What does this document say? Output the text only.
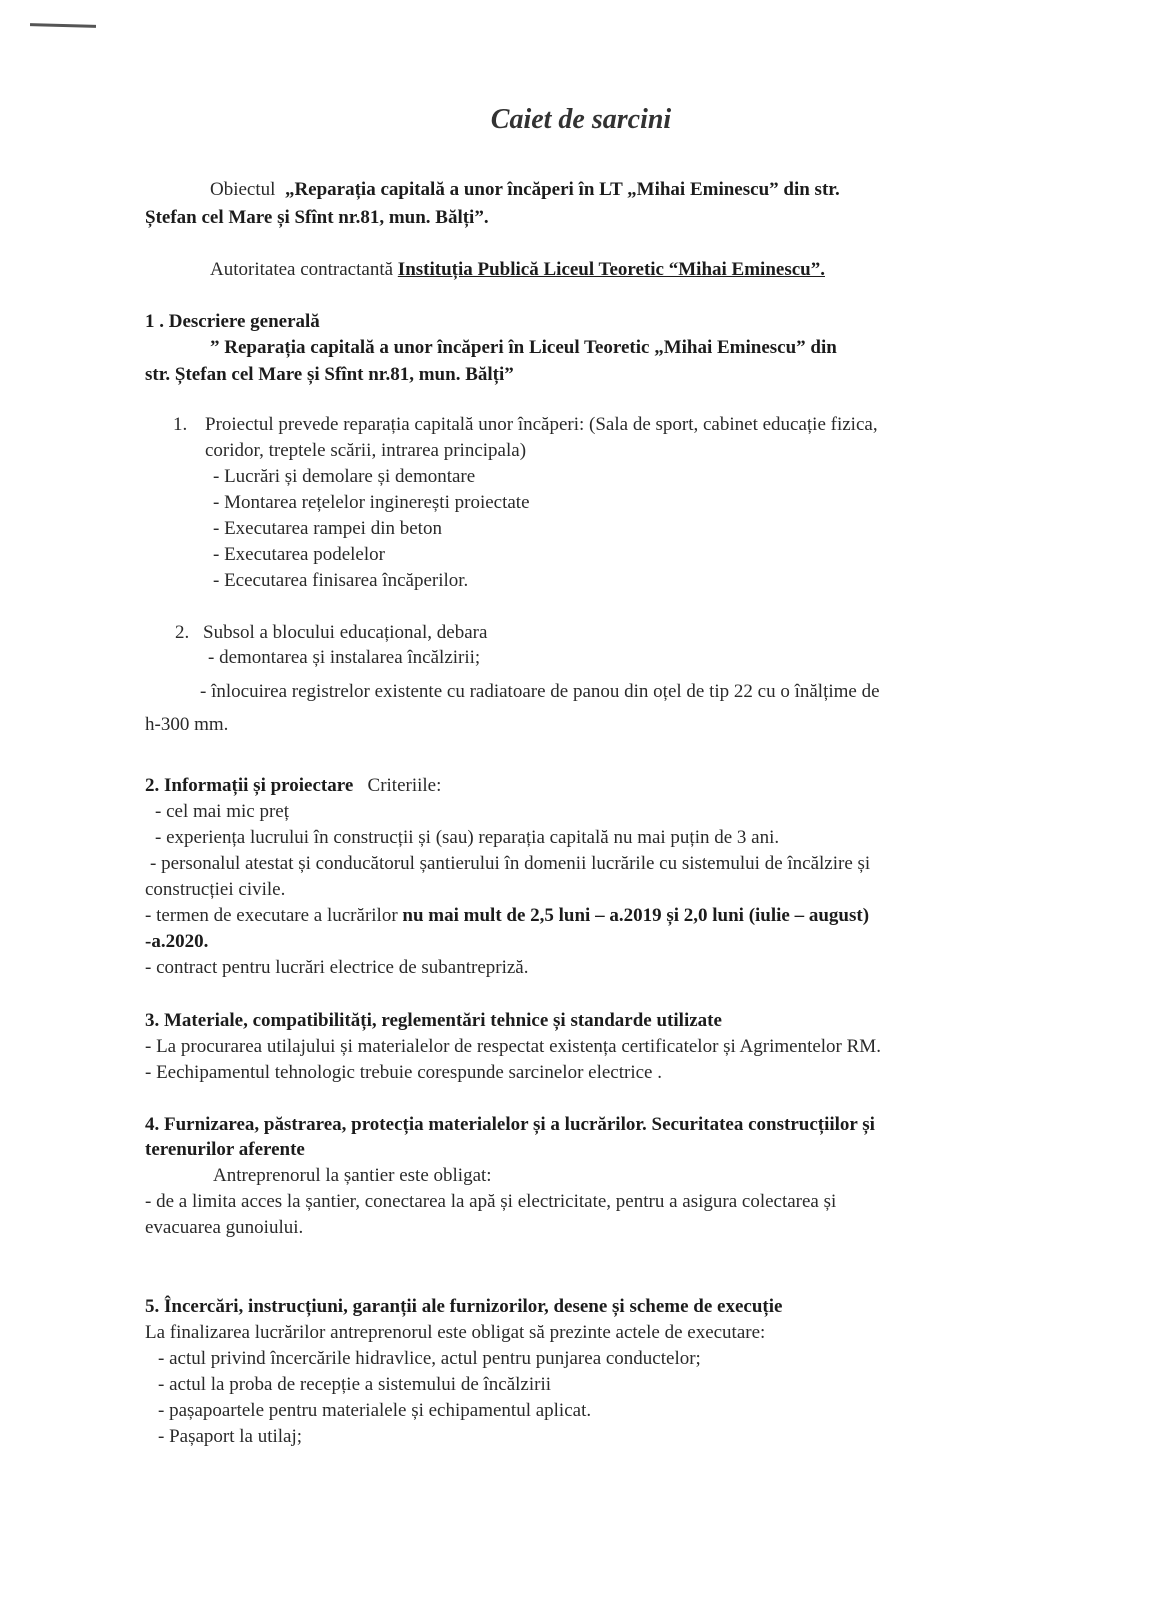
Caiet de sarcini
Obiectul „Reparația capitală a unor încăperi în LT „Mihai Eminescu” din str.
Ștefan cel Mare și Sfînt nr.81, mun. Bălți”.
Autoritatea contractantă Instituția Publică Liceul Teoretic “Mihai Eminescu”.
1 . Descriere generală
” Reparația capitală a unor încăperi în Liceul Teoretic „Mihai Eminescu” din
str. Ștefan cel Mare și Sfînt nr.81, mun. Bălți”
1. Proiectul prevede reparația capitală unor încăperi: (Sala de sport, cabinet educație fizica,
coridor, treptele scării, intrarea principala)
- Lucrări și demolare și demontare
- Montarea rețelelor inginerești proiectate
- Executarea rampei din beton
- Executarea podelelor
- Ececutarea finisarea încăperilor.
2. Subsol a blocului educațional, debara
- demontarea și instalarea încălzirii;
- înlocuirea registrelor existente cu radiatoare de panou din oțel de tip 22 cu o înălțime de
h-300 mm.
2. Informații și proiectare Criteriile:
- cel mai mic preț
- experiența lucrului în construcții și (sau) reparația capitală nu mai puțin de 3 ani.
- personalul atestat și conducătorul șantierului în domenii lucrările cu sistemului de încălzire și
construcției civile.
- termen de executare a lucrărilor nu mai mult de 2,5 luni – a.2019 și 2,0 luni (iulie – august)
-a.2020.
- contract pentru lucrări electrice de subantrepriză.
3. Materiale, compatibilități, reglementări tehnice și standarde utilizate
- La procurarea utilajului și materialelor de respectat existența certificatelor și Agrimentelor RM.
- Eechipamentul tehnologic trebuie corespunde sarcinelor electrice .
4. Furnizarea, păstrarea, protecția materialelor și a lucrărilor. Securitatea construcțiilor și
terenurilor aferente
Antreprenorul la șantier este obligat:
- de a limita acces la șantier, conectarea la apă și electricitate, pentru a asigura colectarea și
evacuarea gunoiului.
5. Încercări, instrucțiuni, garanții ale furnizorilor, desene și scheme de execuție
La finalizarea lucrărilor antreprenorul este obligat să prezinte actele de executare:
- actul privind încercările hidravlice, actul pentru punjarea conductelor;
- actul la proba de recepție a sistemului de încălzirii
- pașapoartele pentru materialele și echipamentul aplicat.
- Pașaport la utilaj;
